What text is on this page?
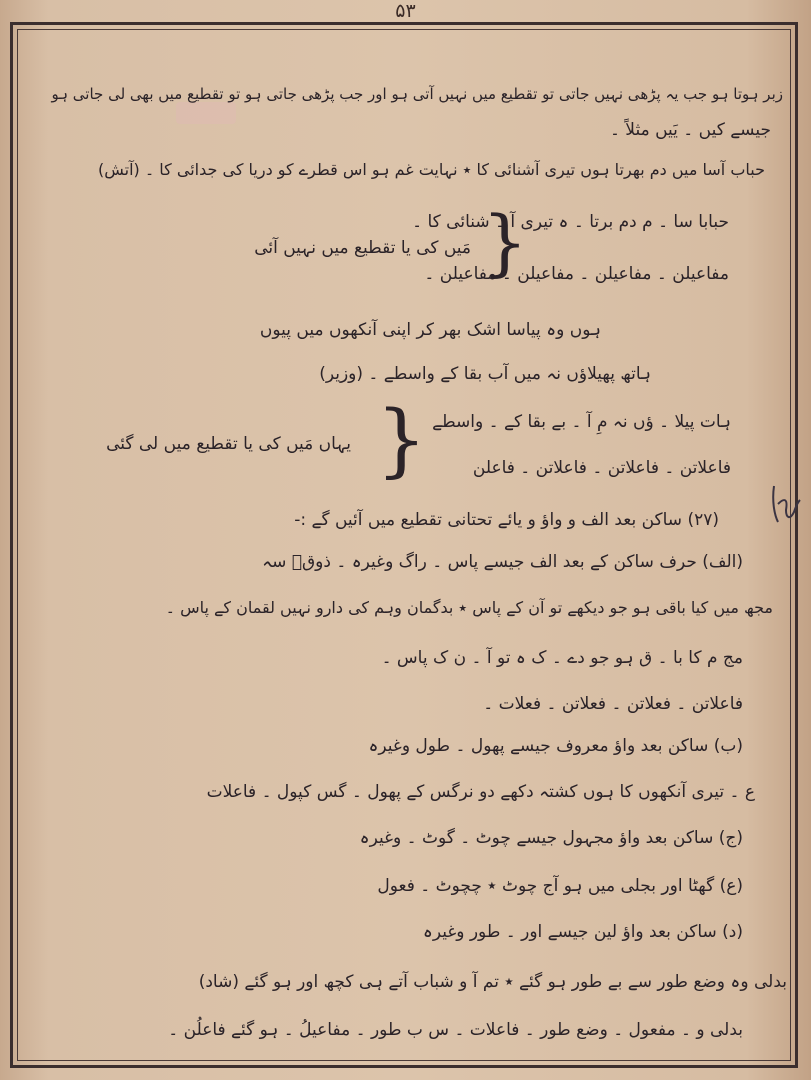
۵۳
زبر ہوتا ہو جب یہ پڑھی نہیں جاتی تو تقطیع میں نہیں آتی ہو اور جب پڑھی جاتی ہو تو تقطیع میں بھی لی جاتی ہو
جیسے کیں ۔ یَیں مثلاً ۔
حباب آسا میں دم بھرتا ہوں تیری آشنائی کا ٭ نہایت غم ہو اس قطرے کو دریا کی جدائی کا ۔ (آتش)
حبابا سا ۔ م دم برتا ۔ ہ تیری آ ۔ شنائی کا ۔
مفاعیلن ۔ مفاعیلن ۔ مفاعیلن ۔ مفاعیلن ۔
}
مَیں کی یا تقطیع میں نہیں آئی
ہوں وہ پیاسا اشک بھر کر اپنی آنکھوں میں پیوں
ہاتھ پھیلاؤں نہ میں آب بقا کے واسطے ۔ (وزیر)
ہات پیلا ۔ ؤں نہ مِ آ ۔ بے بقا کے ۔ واسطے
فاعلاتن ۔ فاعلاتن ۔ فاعلاتن ۔ فاعلن
}
یہاں مَیں کی یا تقطیع میں لی گئی
(۲۷) ساکن بعد الف و واؤ و یائے تحتانی تقطیع میں آئیں گے :-
(الف) حرف ساکن کے بعد الف جیسے پاس ۔ راگ وغیرہ ۔ ذوقؔ سہ
مجھ میں کیا باقی ہو جو دیکھے تو آن کے پاس ٭ بدگمان وہم کی دارو نہیں لقمان کے پاس ۔
مج م کا با ۔ ق ہو جو دے ۔ ک ہ تو آ ۔ ن ک پاس ۔
فاعلاتن ۔ فعلاتن ۔ فعلاتن ۔ فعلات ۔
(ب) ساکن بعد واؤ معروف جیسے پھول ۔ طول وغیرہ
ع ۔ تیری آنکھوں کا ہوں کشتہ دکھے دو نرگس کے پھول ۔ گس کپول ۔ فاعلات
(ج) ساکن بعد واؤ مجہول جیسے چوٹ ۔ گوٹ ۔ وغیرہ
(ع) گھٹا اور بجلی میں ہو آج چوٹ ٭ چچوٹ ۔ فعول
(د) ساکن بعد واؤ لین جیسے اور ۔ طور وغیرہ
بدلی وہ وضع طور سے بے طور ہو گئے ٭ تم آ و شباب آتے ہی کچھ اور ہو گئے (شاد)
بدلی و ۔ مفعول ۔ وضع طور ۔ فاعلات ۔ س ب طور ۔ مفاعیلُ ۔ ہو گئے فاعلُن ۔
